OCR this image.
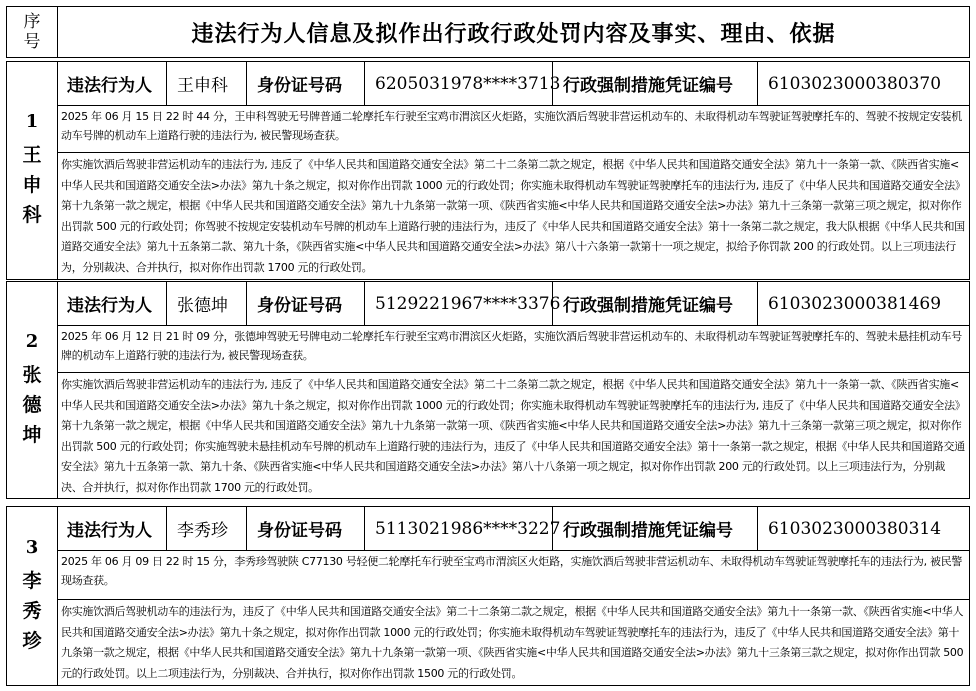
序
号	违法行为人信息及拟作出行政行政处罚内容及事实、理由、依据
1
王
申
科
违法行为人	王申科	身份证号码	6205031978****3713 行政强制措施凭证编号	6103023000380370
2025 年 06 月 15 日 22 时 44 分，王申科驾驶无号牌普通二轮摩托车行驶至宝鸡市渭滨区火炬路，实施饮酒后驾驶非营运机动车的、未取得机动车驾驶证驾驶摩托车的、驾驶不按规定安装机动车号牌的机动车上道路行驶的违法行为, 被民警现场查获。
你实施饮酒后驾驶非营运机动车的违法行为, 违反了《中华人民共和国道路交通安全法》第二十二条第二款之规定，根据《中华人民共和国道路交通安全法》第九十一条第一款、《陕西省实施<中华人民共和国道路交通安全法>办法》第九十条之规定，拟对你作出罚款 1000 元的行政处罚；你实施未取得机动车驾驶证驾驶摩托车的违法行为, 违反了《中华人民共和国道路交通安全法》第十九条第一款之规定，根据《中华人民共和国道路交通安全法》第九十九条第一款第一项、《陕西省实施<中华人民共和国道路交通安全法>办法》第九十三条第一款第三项之规定，拟对你作出罚款 500 元的行政处罚；你驾驶不按规定安装机动车号牌的机动车上道路行驶的违法行为，违反了《中华人民共和国道路交通安全法》第十一条第二款之规定，我大队根据《中华人民共和国道路交通安全法》第九十五条第二款、第九十条，《陕西省实施<中华人民共和国道路交通安全法>办法》第八十六条第一款第十一项之规定，拟给予你罚款 200 的行政处罚。以上三项违法行为，分别裁决、合并执行，拟对你作出罚款 1700 元的行政处罚。
2
张
德
坤
违法行为人	张德坤	身份证号码	5129221967****3376 行政强制措施凭证编号	6103023000381469
2025 年 06 月 12 日 21 时 09 分，张德坤驾驶无号牌电动二轮摩托车行驶至宝鸡市渭滨区火炬路，实施饮酒后驾驶非营运机动车的、未取得机动车驾驶证驾驶摩托车的、驾驶未悬挂机动车号牌的机动车上道路行驶的违法行为, 被民警现场查获。
你实施饮酒后驾驶非营运机动车的违法行为, 违反了《中华人民共和国道路交通安全法》第二十二条第二款之规定，根据《中华人民共和国道路交通安全法》第九十一条第一款、《陕西省实施<中华人民共和国道路交通安全法>办法》第九十条之规定，拟对你作出罚款 1000 元的行政处罚；你实施未取得机动车驾驶证驾驶摩托车的违法行为, 违反了《中华人民共和国道路交通安全法》第十九条第一款之规定，根据《中华人民共和国道路交通安全法》第九十九条第一款第一项、《陕西省实施<中华人民共和国道路交通安全法>办法》第九十三条第一款第三项之规定，拟对你作出罚款 500 元的行政处罚；你实施驾驶未悬挂机动车号牌的机动车上道路行驶的违法行为，违反了《中华人民共和国道路交通安全法》第十一条第一款之规定，根据《中华人民共和国道路交通安全法》第九十五条第一款、第九十条、《陕西省实施<中华人民共和国道路交通安全法>办法》第八十八条第一项之规定，拟对你作出罚款 200 元的行政处罚。以上三项违法行为，分别裁决、合并执行，拟对你作出罚款 1700 元的行政处罚。
3
李
秀
珍
违法行为人	李秀珍	身份证号码	5113021986****3227 行政强制措施凭证编号	6103023000380314
2025 年 06 月 09 日 22 时 15 分，李秀珍驾驶陕 C77130 号轻便二轮摩托车行驶至宝鸡市渭滨区火炬路，实施饮酒后驾驶非营运机动车、未取得机动车驾驶证驾驶摩托车的违法行为, 被民警现场查获。
你实施饮酒后驾驶机动车的违法行为，违反了《中华人民共和国道路交通安全法》第二十二条第二款之规定，根据《中华人民共和国道路交通安全法》第九十一条第一款、《陕西省实施<中华人民共和国道路交通安全法>办法》第九十条之规定，拟对你作出罚款 1000 元的行政处罚；你实施未取得机动车驾驶证驾驶摩托车的违法行为，违反了《中华人民共和国道路交通安全法》第十九条第一款之规定，根据《中华人民共和国道路交通安全法》第九十九条第一款第一项、《陕西省实施<中华人民共和国道路交通安全法>办法》第九十三条第三款之规定，拟对你作出罚款 500 元的行政处罚。以上二项违法行为，分别裁决、合并执行，拟对你作出罚款 1500 元的行政处罚。
